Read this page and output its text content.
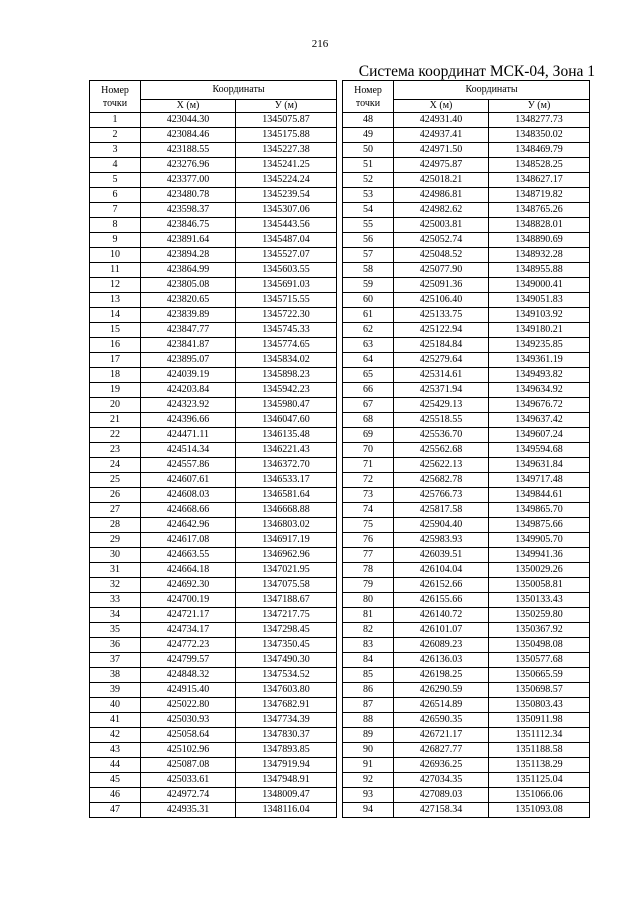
216
Система координат МСК-04, Зона 1
Номер
точки	Координаты	
	X (м)	У (м)
1	423044.30	1345075.87
2	423084.46	1345175.88
3	423188.55	1345227.38
4	423276.96	1345241.25
5	423377.00	1345224.24
6	423480.78	1345239.54
7	423598.37	1345307.06
8	423846.75	1345443.56
9	423891.64	1345487.04
10	423894.28	1345527.07
11	423864.99	1345603.55
12	423805.08	1345691.03
13	423820.65	1345715.55
14	423839.89	1345722.30
15	423847.77	1345745.33
16	423841.87	1345774.65
17	423895.07	1345834.02
18	424039.19	1345898.23
19	424203.84	1345942.23
20	424323.92	1345980.47
21	424396.66	1346047.60
22	424471.11	1346135.48
23	424514.34	1346221.43
24	424557.86	1346372.70
25	424607.61	1346533.17
26	424608.03	1346581.64
27	424668.66	1346668.88
28	424642.96	1346803.02
29	424617.08	1346917.19
30	424663.55	1346962.96
31	424664.18	1347021.95
32	424692.30	1347075.58
33	424700.19	1347188.67
34	424721.17	1347217.75
35	424734.17	1347298.45
36	424772.23	1347350.45
37	424799.57	1347490.30
38	424848.32	1347534.52
39	424915.40	1347603.80
40	425022.80	1347682.91
41	425030.93	1347734.39
42	425058.64	1347830.37
43	425102.96	1347893.85
44	425087.08	1347919.94
45	425033.61	1347948.91
46	424972.74	1348009.47
47	424935.31	1348116.04
Номер
точки	Координаты	
	X (м)	У (м)
48	424931.40	1348277.73
49	424937.41	1348350.02
50	424971.50	1348469.79
51	424975.87	1348528.25
52	425018.21	1348627.17
53	424986.81	1348719.82
54	424982.62	1348765.26
55	425003.81	1348828.01
56	425052.74	1348890.69
57	425048.52	1348932.28
58	425077.90	1348955.88
59	425091.36	1349000.41
60	425106.40	1349051.83
61	425133.75	1349103.92
62	425122.94	1349180.21
63	425184.84	1349235.85
64	425279.64	1349361.19
65	425314.61	1349493.82
66	425371.94	1349634.92
67	425429.13	1349676.72
68	425518.55	1349637.42
69	425536.70	1349607.24
70	425562.68	1349594.68
71	425622.13	1349631.84
72	425682.78	1349717.48
73	425766.73	1349844.61
74	425817.58	1349865.70
75	425904.40	1349875.66
76	425983.93	1349905.70
77	426039.51	1349941.36
78	426104.04	1350029.26
79	426152.66	1350058.81
80	426155.66	1350133.43
81	426140.72	1350259.80
82	426101.07	1350367.92
83	426089.23	1350498.08
84	426136.03	1350577.68
85	426198.25	1350665.59
86	426290.59	1350698.57
87	426514.89	1350803.43
88	426590.35	1350911.98
89	426721.17	1351112.34
90	426827.77	1351188.58
91	426936.25	1351138.29
92	427034.35	1351125.04
93	427089.03	1351066.06
94	427158.34	1351093.08
